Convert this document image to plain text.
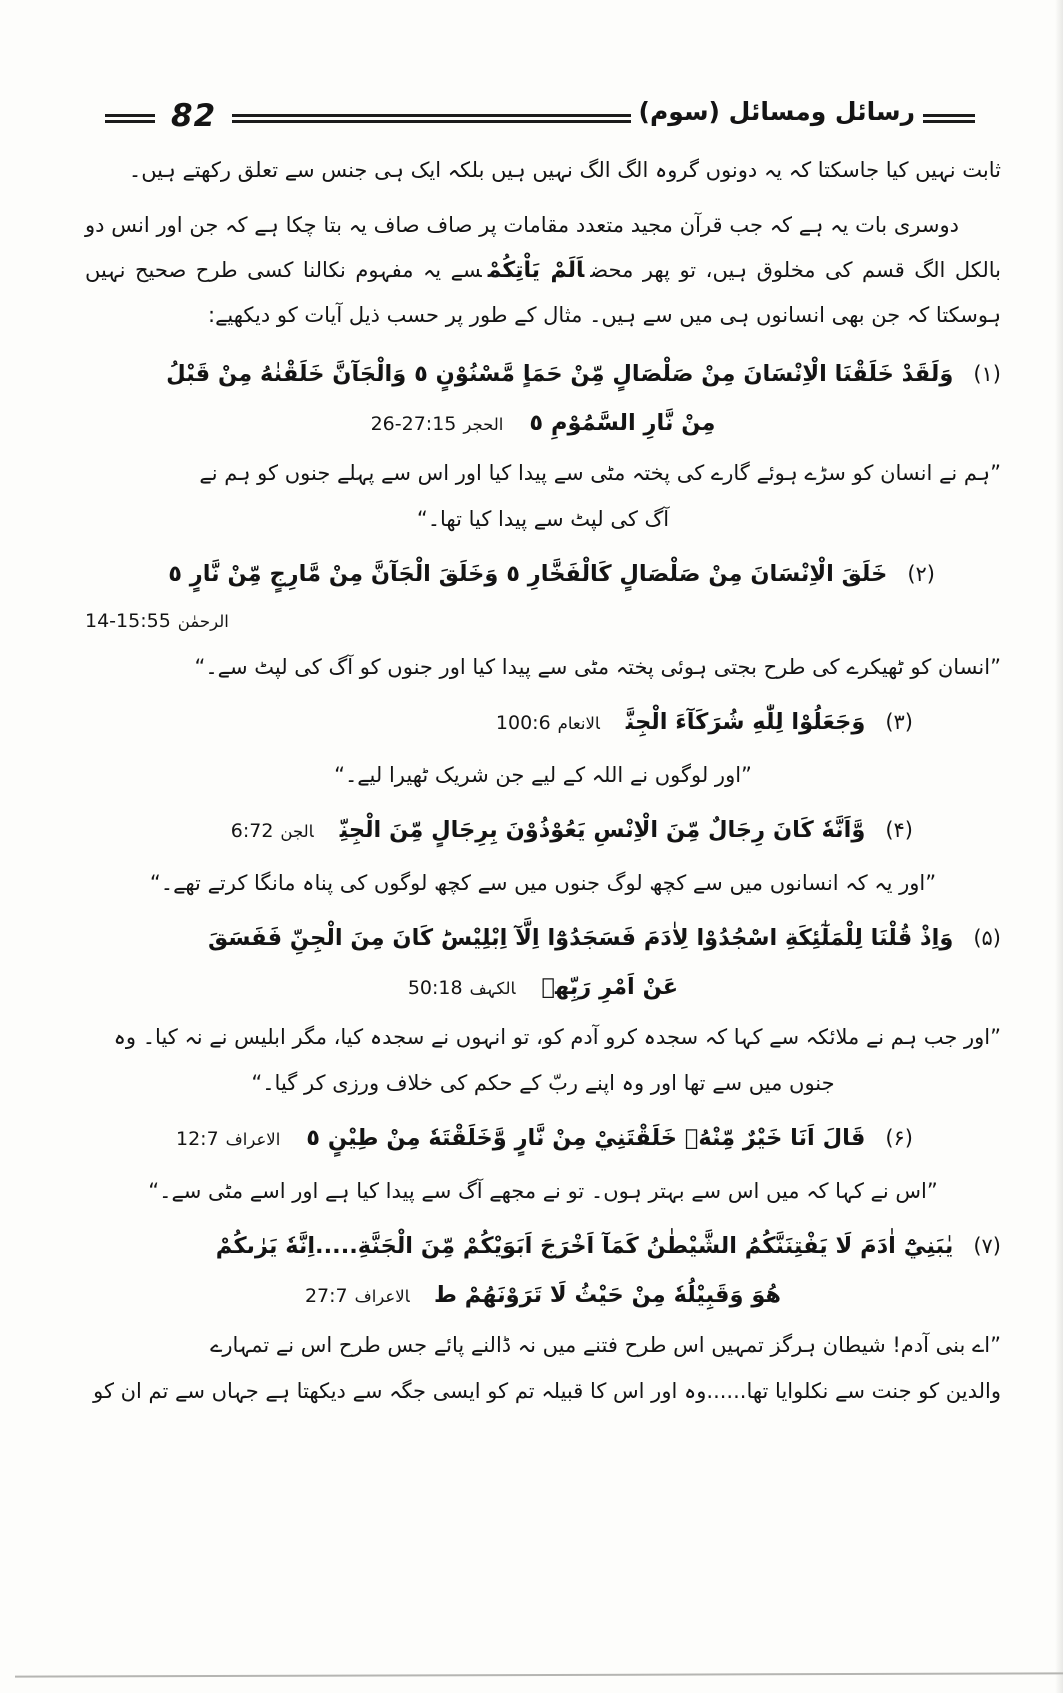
82	رسائل ومسائل (سوم)

ثابت نہیں کیا جاسکتا کہ یہ دونوں گروہ الگ الگ نہیں ہیں بلکہ ایک ہی جنس سے تعلق رکھتے ہیں۔

دوسری بات یہ ہے کہ جب قرآن مجید متعدد مقامات پر صاف صاف یہ بتا چکا ہے کہ جن اور انس دو بالکل الگ قسم کی مخلوق ہیں، تو پھر محضاَلَمْ يَاْتِكُمْسے یہ مفہوم نکالنا کسی طرح صحیح نہیں ہوسکتا کہ جن بھی انسانوں ہی میں سے ہیں۔ مثال کے طور پر حسب ذیل آیات کو دیکھیے:

(۱)وَلَقَدْ خَلَقْنَا الْاِنْسَانَ مِنْ صَلْصَالٍ مِّنْ حَمَاٍ مَّسْنُوْنٍ ٥ وَالْجَآنَّ خَلَقْنٰهُ مِنْ قَبْلُ
مِنْ نَّارِ السَّمُوْمِ ٥الحجر26-27:15
”ہم نے انسان کو سڑے ہوئے گارے کی پختہ مٹی سے پیدا کیا اور اس سے پہلے جنوں کو ہم نے
آگ کی لپٹ سے پیدا کیا تھا۔“
(۲)خَلَقَ الْاِنْسَانَ مِنْ صَلْصَالٍ كَالْفَخَّارِ ٥ وَخَلَقَ الْجَآنَّ مِنْ مَّارِجٍ مِّنْ نَّارٍ ٥
الرحمٰن14-15:55
”انسان کو ٹھیکرے کی طرح بجتی ہوئی پختہ مٹی سے پیدا کیا اور جنوں کو آگ کی لپٹ سے۔“
(۳)وَجَعَلُوْا لِلّٰهِ شُرَكَآءَ الْجِنَّالانعام100:6
”اور لوگوں نے اللہ کے لیے جن شریک ٹھیرا لیے۔“
(۴)وَّاَنَّهٗ كَانَ رِجَالٌ مِّنَ الْاِنْسِ يَعُوْذُوْنَ بِرِجَالٍ مِّنَ الْجِنِّالجن6:72
”اور یہ کہ انسانوں میں سے کچھ لوگ جنوں میں سے کچھ لوگوں کی پناہ مانگا کرتے تھے۔“
(۵)وَاِذْ قُلْنَا لِلْمَلٰٓئِكَةِ اسْجُدُوْا لِاٰدَمَ فَسَجَدُوْٓا اِلَّآ اِبْلِيْسَؕ كَانَ مِنَ الْجِنِّ فَفَسَقَ
عَنْ اَمْرِ رَبِّهٖالکہف50:18
”اور جب ہم نے ملائکہ سے کہا کہ سجدہ کرو آدم کو، تو انہوں نے سجدہ کیا، مگر ابلیس نے نہ کیا۔ وہ
جنوں میں سے تھا اور وہ اپنے ربّ کے حکم کی خلاف ورزی کر گیا۔“
(۶)قَالَ اَنَا خَيْرٌ مِّنْهُۚ خَلَقْتَنِيْ مِنْ نَّارٍ وَّخَلَقْتَهٗ مِنْ طِيْنٍ ٥الاعراف12:7
”اس نے کہا کہ میں اس سے بہتر ہوں۔ تو نے مجھے آگ سے پیدا کیا ہے اور اسے مٹی سے۔“
(۷)يٰبَنِيْٓ اٰدَمَ لَا يَفْتِنَنَّكُمُ الشَّيْطٰنُ كَمَآ اَخْرَجَ اَبَوَيْكُمْ مِّنَ الْجَنَّةِ.....اِنَّهٗ يَرٰىكُمْ
هُوَ وَقَبِيْلُهٗ مِنْ حَيْثُ لَا تَرَوْنَهُمْ طالاعراف27:7
”اے بنی آدم! شیطان ہرگز تمہیں اس طرح فتنے میں نہ ڈالنے پائے جس طرح اس نے تمہارے
والدین کو جنت سے نکلوایا تھا......وہ اور اس کا قبیلہ تم کو ایسی جگہ سے دیکھتا ہے جہاں سے تم ان کو
